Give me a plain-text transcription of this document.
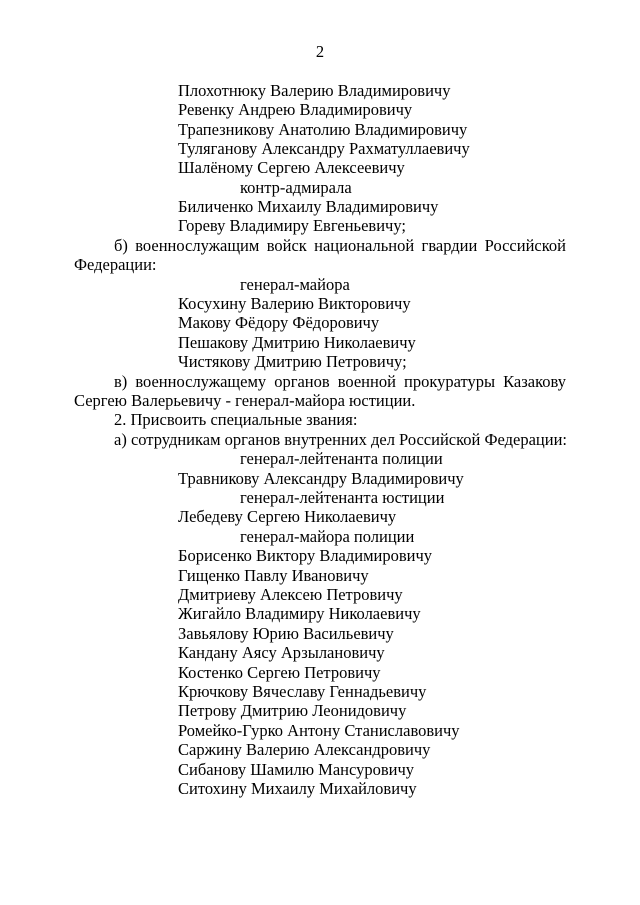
2
Плохотнюку Валерию Владимировичу
Ревенку Андрею Владимировичу
Трапезникову Анатолию Владимировичу
Туляганову Александру Рахматуллаевичу
Шалёному Сергею Алексеевичу
контр-адмирала
Биличенко Михаилу Владимировичу
Гореву Владимиру Евгеньевичу;
б) военнослужащим войск национальной гвардии Российской
Федерации:
генерал-майора
Косухину Валерию Викторовичу
Макову Фёдору Фёдоровичу
Пешакову Дмитрию Николаевичу
Чистякову Дмитрию Петровичу;
в) военнослужащему органов военной прокуратуры Казакову
Сергею Валерьевичу - генерал-майора юстиции.
2. Присвоить специальные звания:
а) сотрудникам органов внутренних дел Российской Федерации:
генерал-лейтенанта полиции
Травникову Александру Владимировичу
генерал-лейтенанта юстиции
Лебедеву Сергею Николаевичу
генерал-майора полиции
Борисенко Виктору Владимировичу
Гищенко Павлу Ивановичу
Дмитриеву Алексею Петровичу
Жигайло Владимиру Николаевичу
Завьялову Юрию Васильевичу
Кандану Аясу Арзылановичу
Костенко Сергею Петровичу
Крючкову Вячеславу Геннадьевичу
Петрову Дмитрию Леонидовичу
Ромейко-Гурко Антону Станиславовичу
Саржину Валерию Александровичу
Сибанову Шамилю Мансуровичу
Ситохину Михаилу Михайловичу
